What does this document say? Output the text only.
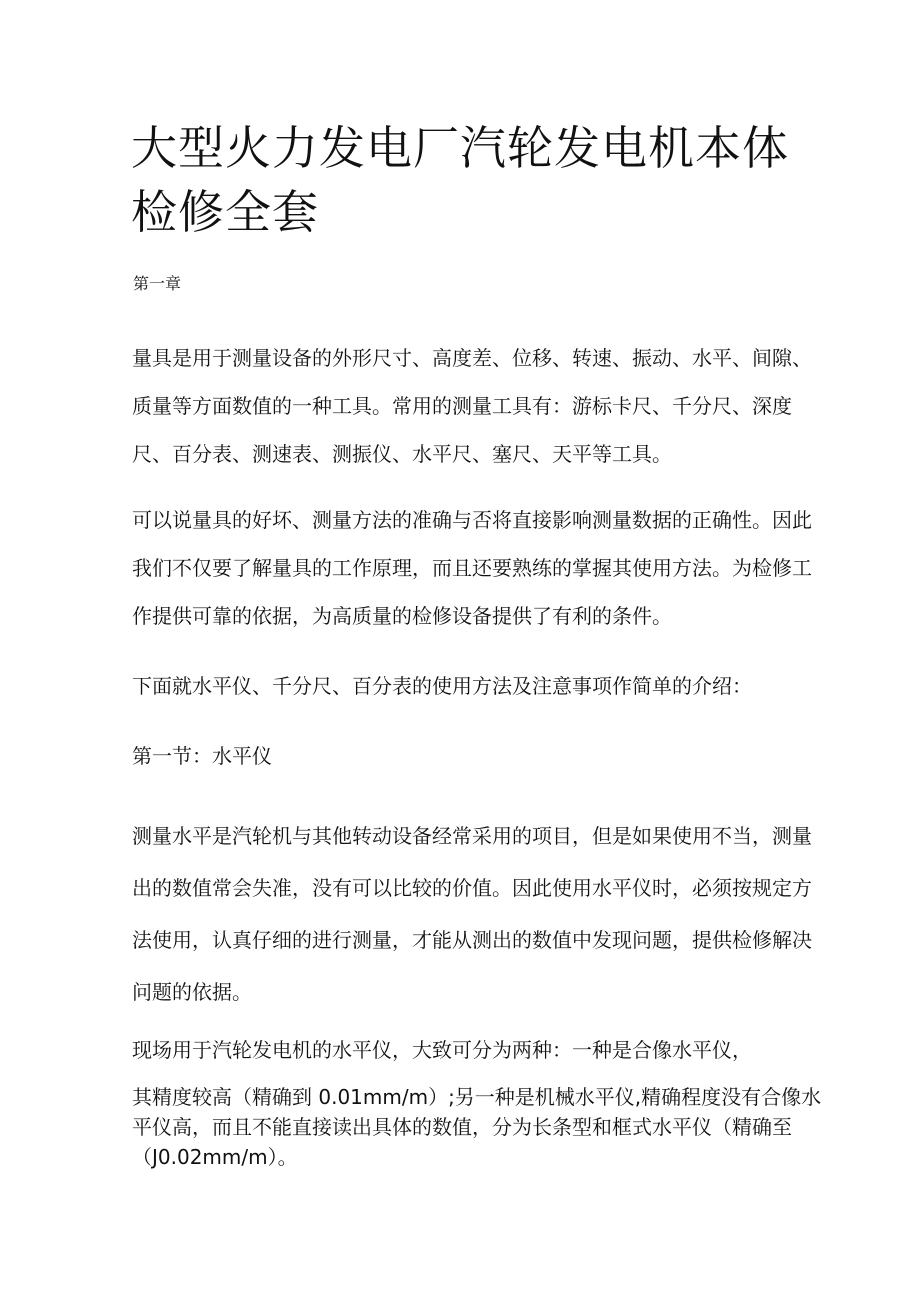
大型火力发电厂汽轮发电机本体检修全套
第一章

量具是用于测量设备的外形尺寸、高度差、位移、转速、振动、水平、间隙、质量等方面数值的一种工具。常用的测量工具有：游标卡尺、千分尺、深度尺、百分表、测速表、测振仪、水平尺、塞尺、天平等工具。

可以说量具的好坏、测量方法的准确与否将直接影响测量数据的正确性。因此我们不仅要了解量具的工作原理，而且还要熟练的掌握其使用方法。为检修工作提供可靠的依据，为高质量的检修设备提供了有利的条件。

下面就水平仪、千分尺、百分表的使用方法及注意事项作简单的介绍：

第一节：水平仪

测量水平是汽轮机与其他转动设备经常采用的项目，但是如果使用不当，测量出的数值常会失准，没有可以比较的价值。因此使用水平仪时，必须按规定方法使用，认真仔细的进行测量，才能从测出的数值中发现问题，提供检修解决问题的依据。

现场用于汽轮发电机的水平仪，大致可分为两种：一种是合像水平仪，

其精度较高（精确到 0.01mm/m）;另一种是机械水平仪,精确程度没有合像水平仪高，而且不能直接读出具体的数值，分为长条型和框式水平仪（精确至（J0.02mm/m）。
